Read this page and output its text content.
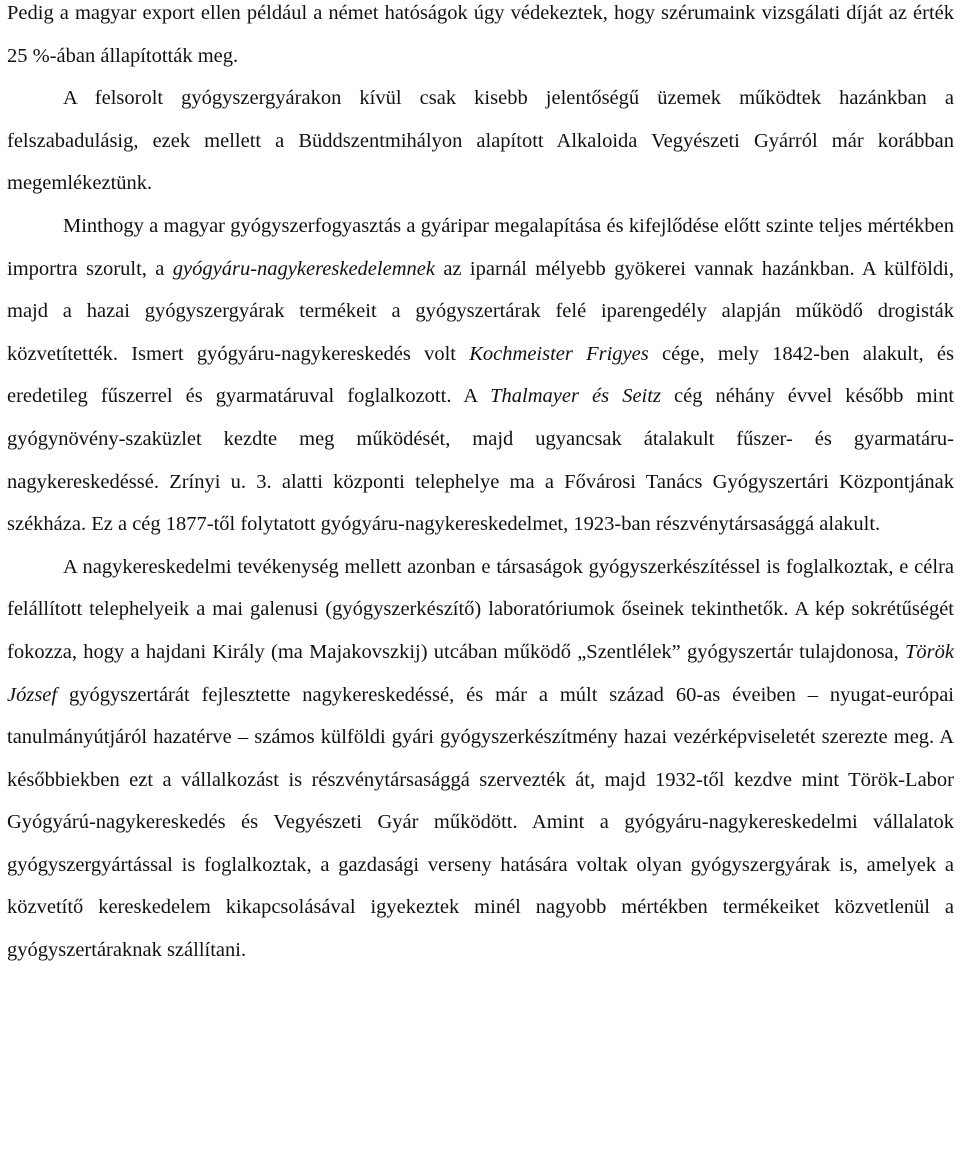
Pedig a magyar export ellen például a német hatóságok úgy védekeztek, hogy szérumaink vizsgálati díját az érték 25 %-ában állapították meg.

A felsorolt gyógyszergyárakon kívül csak kisebb jelentőségű üzemek működtek hazánkban a felszabadulásig, ezek mellett a Büddszentmihályon alapított Alkaloida Vegyészeti Gyárról már korábban megemlékeztünk.

Minthogy a magyar gyógyszerfogyasztás a gyáripar megalapítása és kifejlődése előtt szinte teljes mértékben importra szorult, a gyógyáru-nagykereskedelemnek az iparnál mélyebb gyökerei vannak hazánkban. A külföldi, majd a hazai gyógyszergyárak termékeit a gyógyszertárak felé iparengedély alapján működő drogisták közvetítették. Ismert gyógyáru-nagykereskedés volt Kochmeister Frigyes cége, mely 1842-ben alakult, és eredetileg fűszerrel és gyarmatáruval foglalkozott. A Thalmayer és Seitz cég néhány évvel később mint gyógynövény-szaküzlet kezdte meg működését, majd ugyancsak átalakult fűszer- és gyarmatáru-nagykereskedéssé. Zrínyi u. 3. alatti központi telephelye ma a Fővárosi Tanács Gyógyszertári Központjának székháza. Ez a cég 1877-től folytatott gyógyáru-nagykereskedelmet, 1923-ban részvénytársasággá alakult.

A nagykereskedelmi tevékenység mellett azonban e társaságok gyógyszerkészítéssel is foglalkoztak, e célra felállított telephelyeik a mai galenusi (gyógyszerkészítő) laboratóriumok őseinek tekinthetők. A kép sokrétűségét fokozza, hogy a hajdani Király (ma Majakovszkij) utcában működő „Szentlélek” gyógyszertár tulajdonosa, Török József gyógyszertárát fejlesztette nagykereskedéssé, és már a múlt század 60-as éveiben – nyugat-európai tanulmányútjáról hazatérve – számos külföldi gyári gyógyszerkészítmény hazai vezérképviseletét szerezte meg. A későbbiekben ezt a vállalkozást is részvénytársasággá szervezték át, majd 1932-től kezdve mint Török-Labor Gyógyárú-nagykereskedés és Vegyészeti Gyár működött. Amint a gyógyáru-nagykereskedelmi vállalatok gyógyszergyártással is foglalkoztak, a gazdasági verseny hatására voltak olyan gyógyszergyárak is, amelyek a közvetítő kereskedelem kikapcsolásával igyekeztek minél nagyobb mértékben termékeiket közvetlenül a gyógyszertáraknak szállítani.
